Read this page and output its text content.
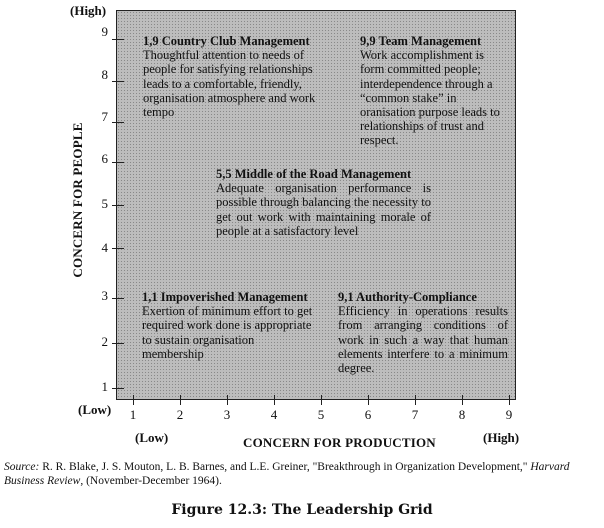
9
8
7
6
5
4
3
2
1
1	2	3	4	5	6	7	8	9
(High)
(Low)
(Low)	(High)
CONCERN FOR PEOPLE
CONCERN FOR PRODUCTION
1,9 Country Club Management
Thoughtful attention to needs of people for satisfying relationships leads to a comfortable, friendly, organisation atmosphere and work tempo
9,9 Team Management
Work accomplishment is form committed people; interdependence through a “common stake” in oranisation purpose leads to relationships of trust and respect.
5,5 Middle of the Road Management
Adequate organisation performance is possible through balancing the necessity to get out work with maintaining morale of people at a satisfactory level
1,1 Impoverished Management
Exertion of minimum effort to get required work done is appropriate to sustain organisation membership
9,1 Authority-Compliance
Efficiency in operations results from arranging conditions of work in such a way that human elements interfere to a minimum degree.
Source: R. R. Blake, J. S. Mouton, L. B. Barnes, and L.E. Greiner, "Breakthrough in Organization Development," Harvard Business Review, (November-December 1964).
Figure 12.3: The Leadership Grid
